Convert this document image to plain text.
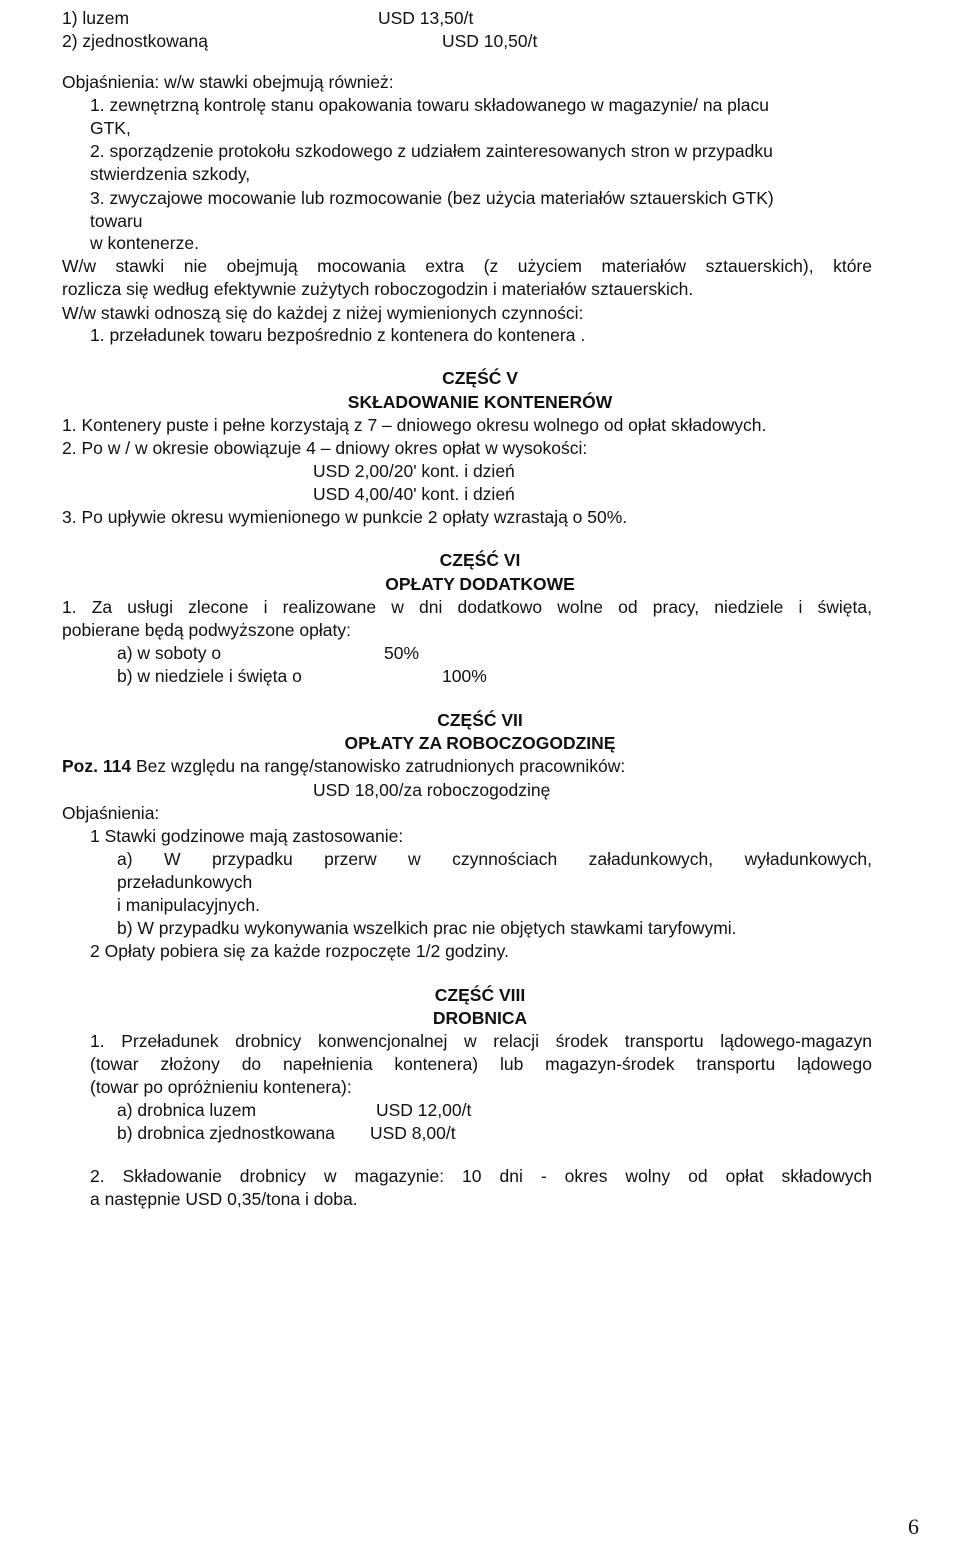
1) luzem	USD 13,50/t
2) zjednostkowaną	USD 10,50/t
Objaśnienia: w/w stawki obejmują również:
1. zewnętrzną kontrolę stanu opakowania towaru składowanego w magazynie/ na placu
GTK,
2. sporządzenie protokołu szkodowego z udziałem zainteresowanych stron w przypadku
stwierdzenia szkody,
3. zwyczajowe mocowanie lub rozmocowanie (bez użycia materiałów sztauerskich GTK)
towaru
w kontenerze.
W/w stawki nie obejmują mocowania extra (z użyciem materiałów sztauerskich), które
rozlicza się według efektywnie zużytych roboczogodzin i materiałów sztauerskich.
W/w stawki odnoszą się do każdej z niżej wymienionych czynności:
1. przeładunek towaru bezpośrednio z kontenera do kontenera .
CZĘŚĆ V
SKŁADOWANIE KONTENERÓW
1. Kontenery puste i pełne korzystają z 7 – dniowego okresu wolnego od opłat składowych.
2. Po w / w okresie obowiązuje 4 – dniowy okres opłat w wysokości:
USD 2,00/20' kont. i dzień
USD 4,00/40' kont. i dzień
3. Po upływie okresu wymienionego w punkcie 2 opłaty wzrastają o 50%.
CZĘŚĆ VI
OPŁATY DODATKOWE
1. Za usługi zlecone i realizowane w dni dodatkowo wolne od pracy, niedziele i święta,
pobierane będą podwyższone opłaty:
a) w soboty o	50%
b) w niedziele i święta o	100%
CZĘŚĆ VII
OPŁATY ZA ROBOCZOGODZINĘ
Poz. 114 Bez względu na rangę/stanowisko zatrudnionych pracowników:
USD 18,00/za roboczogodzinę
Objaśnienia:
1 Stawki godzinowe mają zastosowanie:
a) W przypadku przerw w czynnościach załadunkowych, wyładunkowych,
przeładunkowych
i manipulacyjnych.
b) W przypadku wykonywania wszelkich prac nie objętych stawkami taryfowymi.
2 Opłaty pobiera się za każde rozpoczęte 1/2 godziny.
CZĘŚĆ VIII
DROBNICA
1. Przeładunek drobnicy konwencjonalnej w relacji środek transportu lądowego-magazyn
(towar złożony do napełnienia kontenera) lub magazyn-środek transportu lądowego
(towar po opróżnieniu kontenera):
a) drobnica luzem	USD 12,00/t
b) drobnica zjednostkowana USD 8,00/t
2. Składowanie drobnicy w magazynie: 10 dni - okres wolny od opłat składowych
a następnie USD 0,35/tona i doba.
6
